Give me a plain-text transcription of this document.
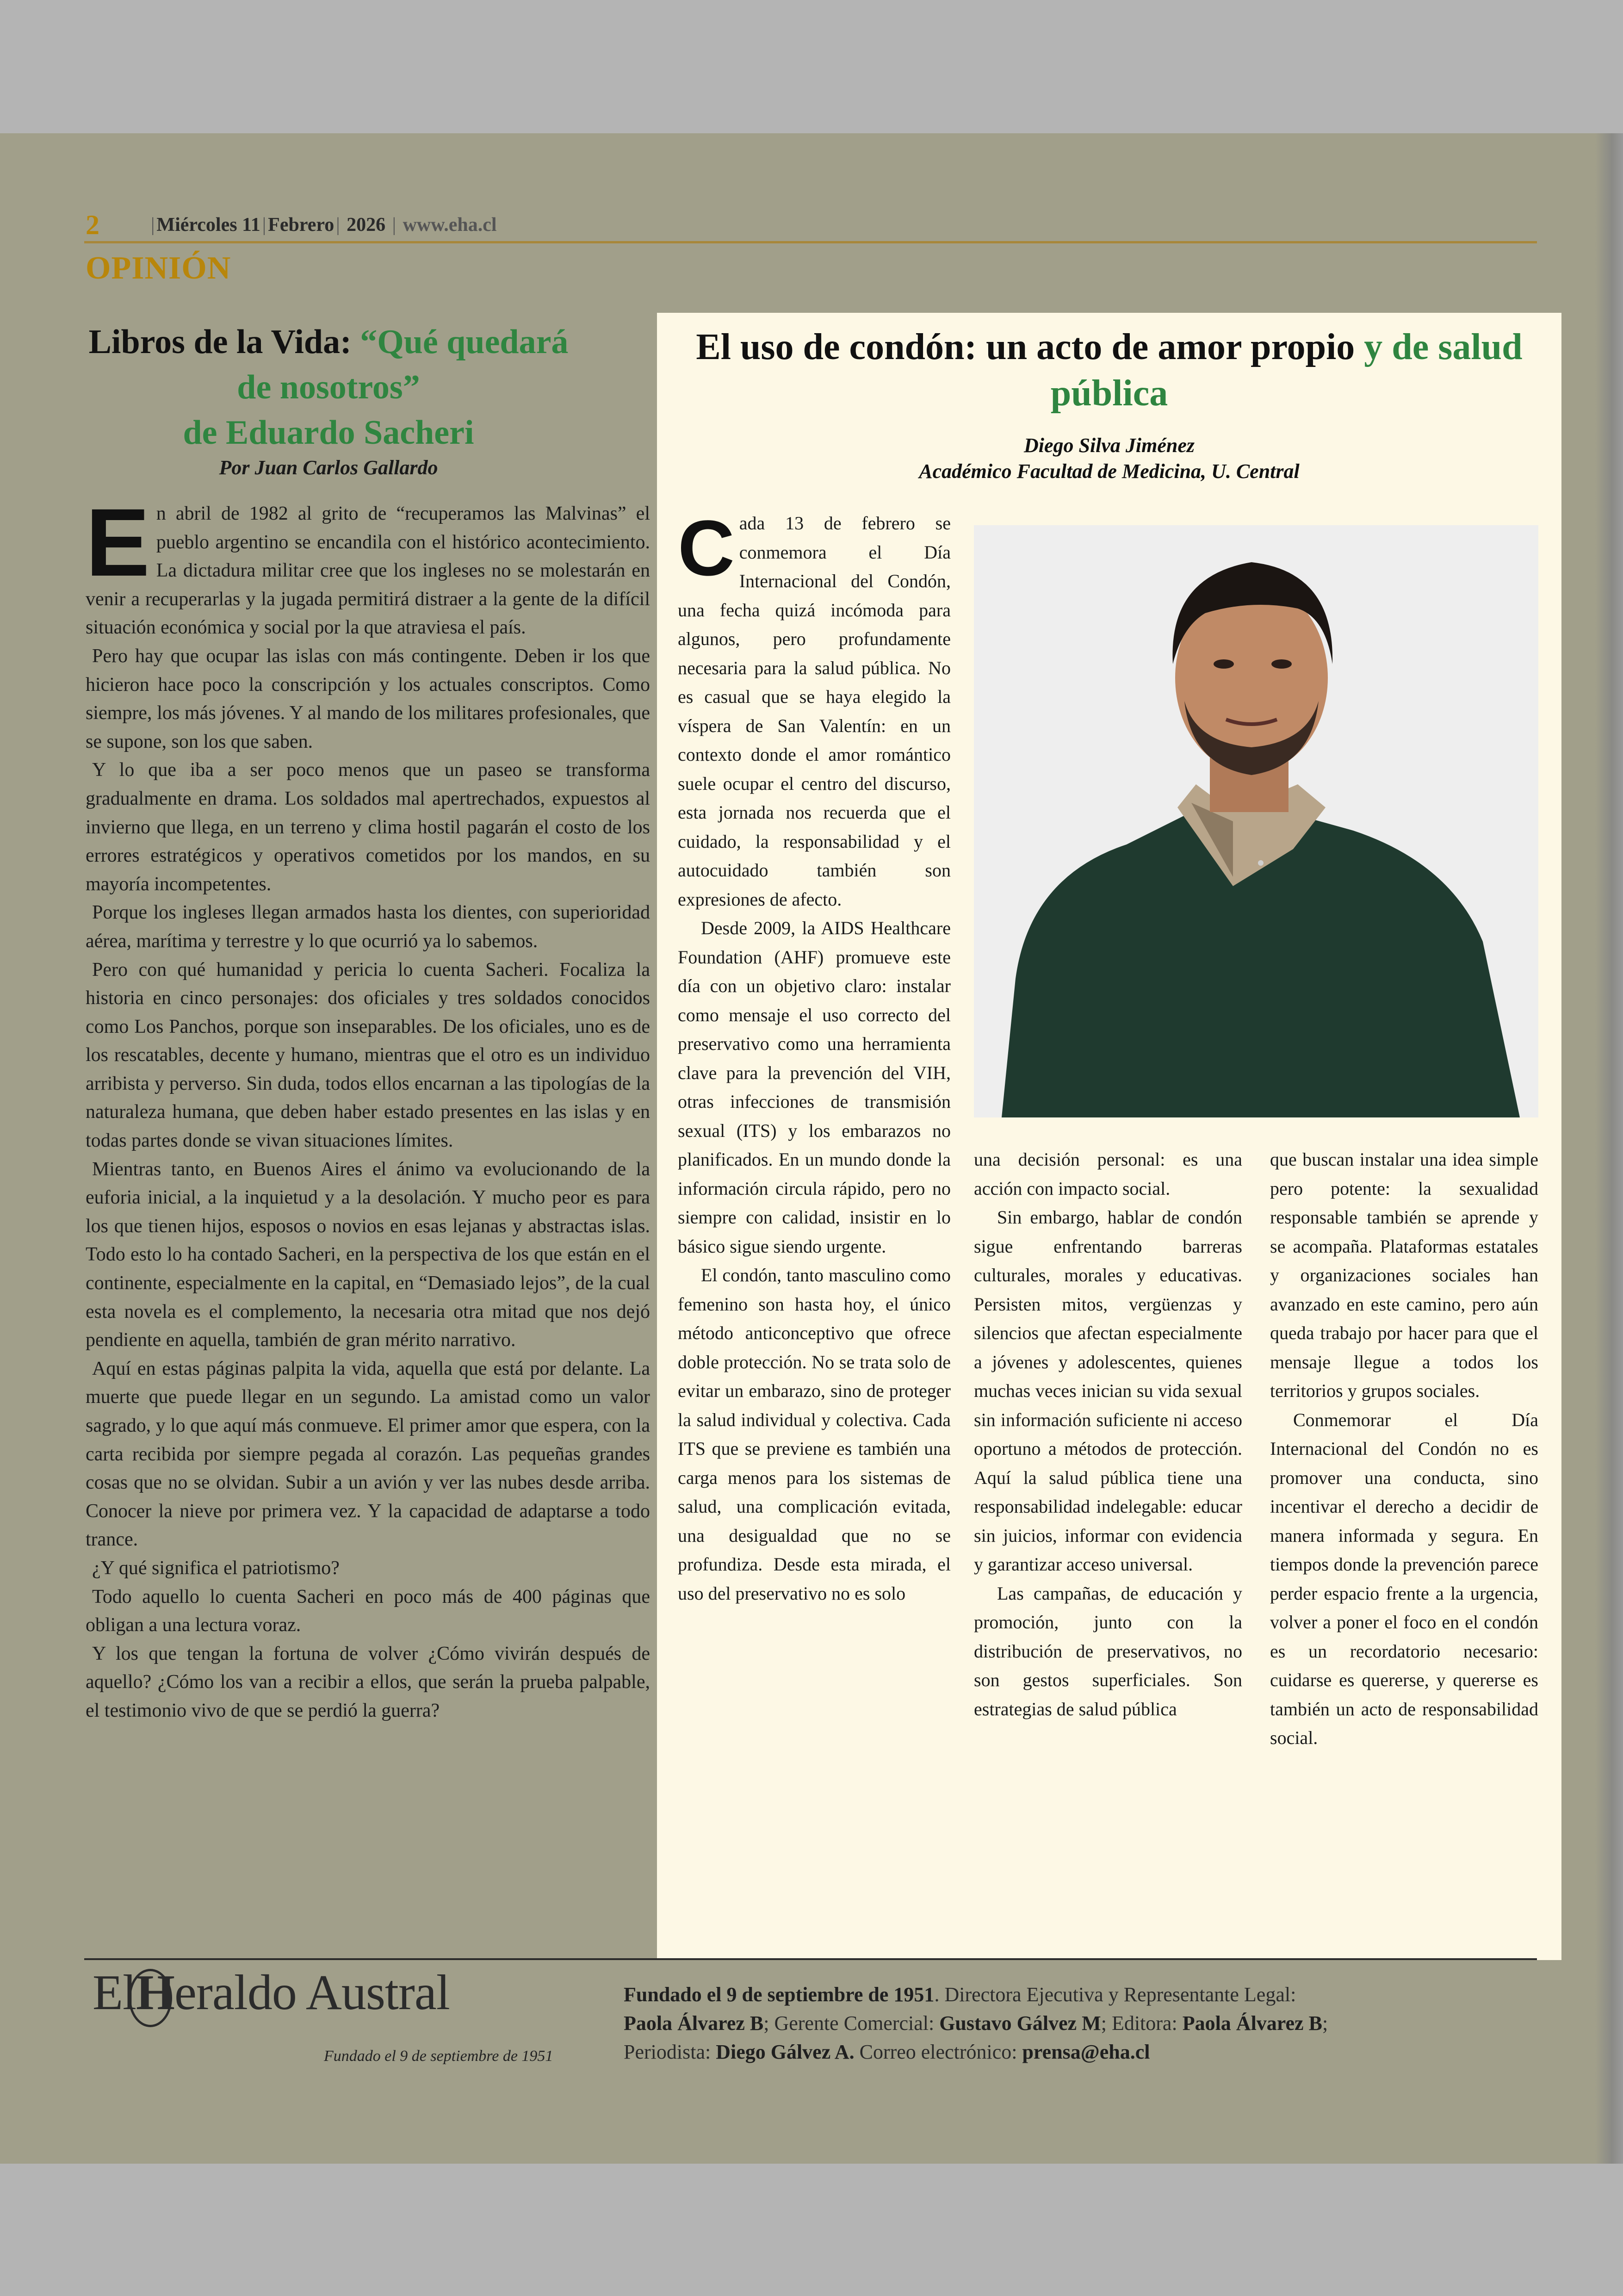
2	|Miércoles 11|Febrero| 2026 | www.eha.cl
OPINIÓN
Libros de la Vida: “Qué quedará de nosotros”
de Eduardo Sacheri
Por Juan Carlos Gallardo

En abril de 1982 al grito de “recuperamos las Malvinas” el pueblo argentino se encandila con el histórico acontecimiento. La dictadura militar cree que los ingleses no se molestarán en venir a recuperarlas y la jugada permitirá distraer a la gente de la difícil situación económica y social por la que atraviesa el país.

Pero hay que ocupar las islas con más contingente. Deben ir los que hicieron hace poco la conscripción y los actuales conscriptos. Como siempre, los más jóvenes. Y al mando de los militares profesionales, que se supone, son los que saben.

Y lo que iba a ser poco menos que un paseo se transforma gradualmente en drama. Los soldados mal apertrechados, expuestos al invierno que llega, en un terreno y clima hostil pagarán el costo de los errores estratégicos y operativos cometidos por los mandos, en su mayoría incompetentes.

Porque los ingleses llegan armados hasta los dientes, con superioridad aérea, marítima y terrestre y lo que ocurrió ya lo sabemos.

Pero con qué humanidad y pericia lo cuenta Sacheri. Focaliza la historia en cinco personajes: dos oficiales y tres soldados conocidos como Los Panchos, porque son inseparables. De los oficiales, uno es de los rescatables, decente y humano, mientras que el otro es un individuo arribista y perverso. Sin duda, todos ellos encarnan a las tipologías de la naturaleza humana, que deben haber estado presentes en las islas y en todas partes donde se vivan situaciones límites.

Mientras tanto, en Buenos Aires el ánimo va evolucionando de la euforia inicial, a la inquietud y a la desolación. Y mucho peor es para los que tienen hijos, esposos o novios en esas lejanas y abstractas islas. Todo esto lo ha contado Sacheri, en la perspectiva de los que están en el continente, especialmente en la capital, en “Demasiado lejos”, de la cual esta novela es el complemento, la necesaria otra mitad que nos dejó pendiente en aquella, también de gran mérito narrativo.

Aquí en estas páginas palpita la vida, aquella que está por delante. La muerte que puede llegar en un segundo. La amistad como un valor sagrado, y lo que aquí más conmueve. El primer amor que espera, con la carta recibida por siempre pegada al corazón. Las pequeñas grandes cosas que no se olvidan. Subir a un avión y ver las nubes desde arriba. Conocer la nieve por primera vez. Y la capacidad de adaptarse a todo trance.

¿Y qué significa el patriotismo?

Todo aquello lo cuenta Sacheri en poco más de 400 páginas que obligan a una lectura voraz.

Y los que tengan la fortuna de volver ¿Cómo vivirán después de aquello? ¿Cómo los van a recibir a ellos, que serán la prueba palpable, el testimonio vivo de que se perdió la guerra?

El uso de condón: un acto de amor propio y de salud pública
Diego Silva Jiménez
Académico Facultad de Medicina, U. Central

Cada 13 de febrero se conmemora el Día Internacional del Condón, una fecha quizá incómoda para algunos, pero profundamente necesaria para la salud pública. No es casual que se haya elegido la víspera de San Valentín: en un contexto donde el amor romántico suele ocupar el centro del discurso, esta jornada nos recuerda que el cuidado, la responsabilidad y el autocuidado también son expresiones de afecto.

Desde 2009, la AIDS Healthcare Foundation (AHF) promueve este día con un objetivo claro: instalar como mensaje el uso correcto del preservativo como una herramienta clave para la prevención del VIH, otras infecciones de transmisión sexual (ITS) y los embarazos no planificados. En un mundo donde la información circula rápido, pero no siempre con calidad, insistir en lo básico sigue siendo urgente.

El condón, tanto masculino como femenino son hasta hoy, el único método anticonceptivo que ofrece doble protección. No se trata solo de evitar un embarazo, sino de proteger la salud individual y colectiva. Cada ITS que se previene es también una carga menos para los sistemas de salud, una complicación evitada, una desigualdad que no se profundiza. Desde esta mirada, el uso del preservativo no es solo

una decisión personal: es una acción con impacto social.

Sin embargo, hablar de condón sigue enfrentando barreras culturales, morales y educativas. Persisten mitos, vergüenzas y silencios que afectan especialmente a jóvenes y adolescentes, quienes muchas veces inician su vida sexual sin información suficiente ni acceso oportuno a métodos de protección. Aquí la salud pública tiene una responsabilidad indelegable: educar sin juicios, informar con evidencia y garantizar acceso universal.

Las campañas, de educación y promoción, junto con la distribución de preservativos, no son gestos superficiales. Son estrategias de salud pública

que buscan instalar una idea simple pero potente: la sexualidad responsable también se aprende y se acompaña. Plataformas estatales y organizaciones sociales han avanzado en este camino, pero aún queda trabajo por hacer para que el mensaje llegue a todos los territorios y grupos sociales.

Conmemorar el Día Internacional del Condón no es promover una conducta, sino incentivar el derecho a decidir de manera informada y segura. En tiempos donde la prevención parece perder espacio frente a la urgencia, volver a poner el foco en el condón es un recordatorio necesario: cuidarse es quererse, y quererse es también un acto de responsabilidad social.

ElH
eraldo Austral
Fundado el 9 de septiembre de 1951
Fundado el 9 de septiembre de 1951. Directora Ejecutiva y Representante Legal:
Paola Álvarez B; Gerente Comercial: Gustavo Gálvez M; Editora: Paola Álvarez B;
Periodista: Diego Gálvez A. Correo electrónico: prensa@eha.cl
